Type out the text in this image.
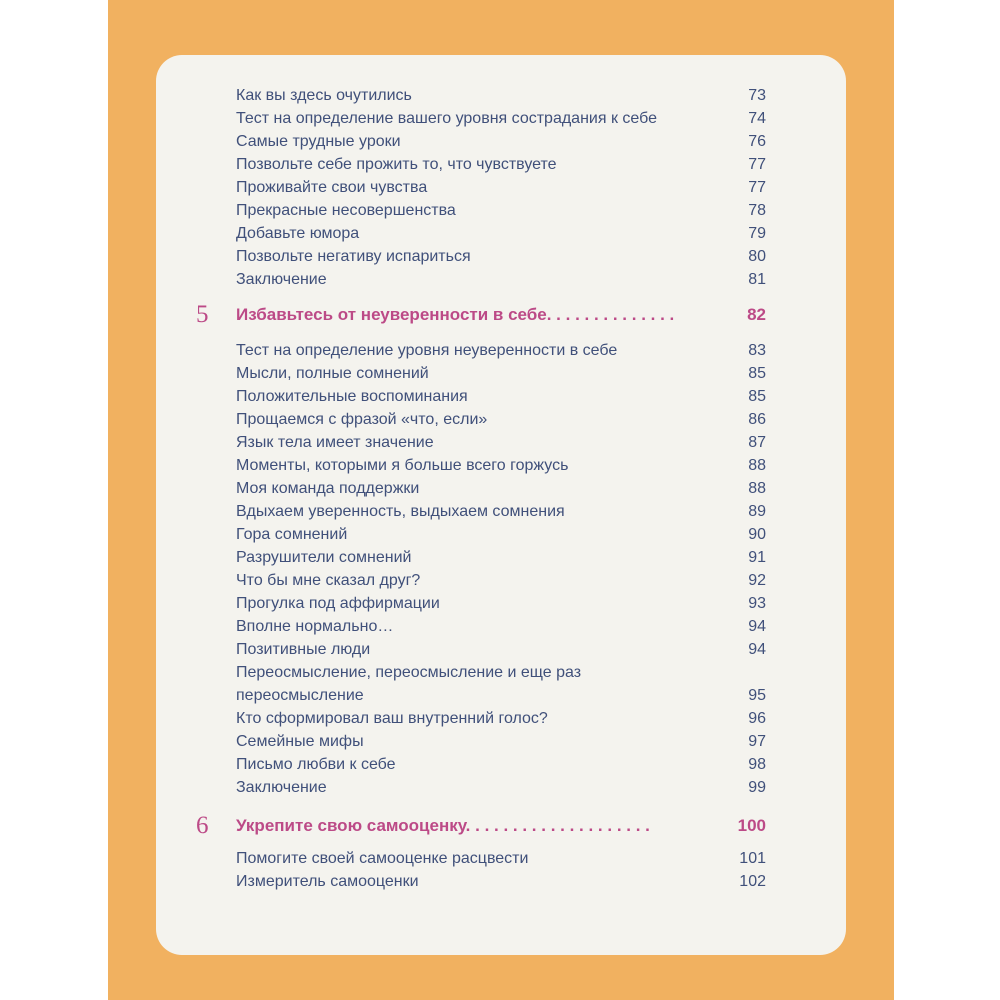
Как вы здесь очутились	73
Тест на определение вашего уровня сострадания к себе	74
Самые трудные уроки	76
Позвольте себе прожить то, что чувствуете	77
Проживайте свои чувства	77
Прекрасные несовершенства	78
Добавьте юмора	79
Позвольте негативу испариться	80
Заключение	81
5 Избавьтесь от неуверенности в себе. . . . . . . . . . . . . .	82
Тест на определение уровня неуверенности в себе	83
Мысли, полные сомнений	85
Положительные воспоминания	85
Прощаемся с фразой «что, если»	86
Язык тела имеет значение	87
Моменты, которыми я больше всего горжусь	88
Моя команда поддержки	88
Вдыхаем уверенность, выдыхаем сомнения	89
Гора сомнений	90
Разрушители сомнений	91
Что бы мне сказал друг?	92
Прогулка под аффирмации	93
Вполне нормально…	94
Позитивные люди	94
Переосмысление, переосмысление и еще раз
переосмысление	95
Кто сформировал ваш внутренний голос?	96
Семейные мифы	97
Письмо любви к себе	98
Заключение	99
6 Укрепите свою самооценку. . . . . . . . . . . . . . . . . . . .	100
Помогите своей самооценке расцвести	101
Измеритель самооценки	102
